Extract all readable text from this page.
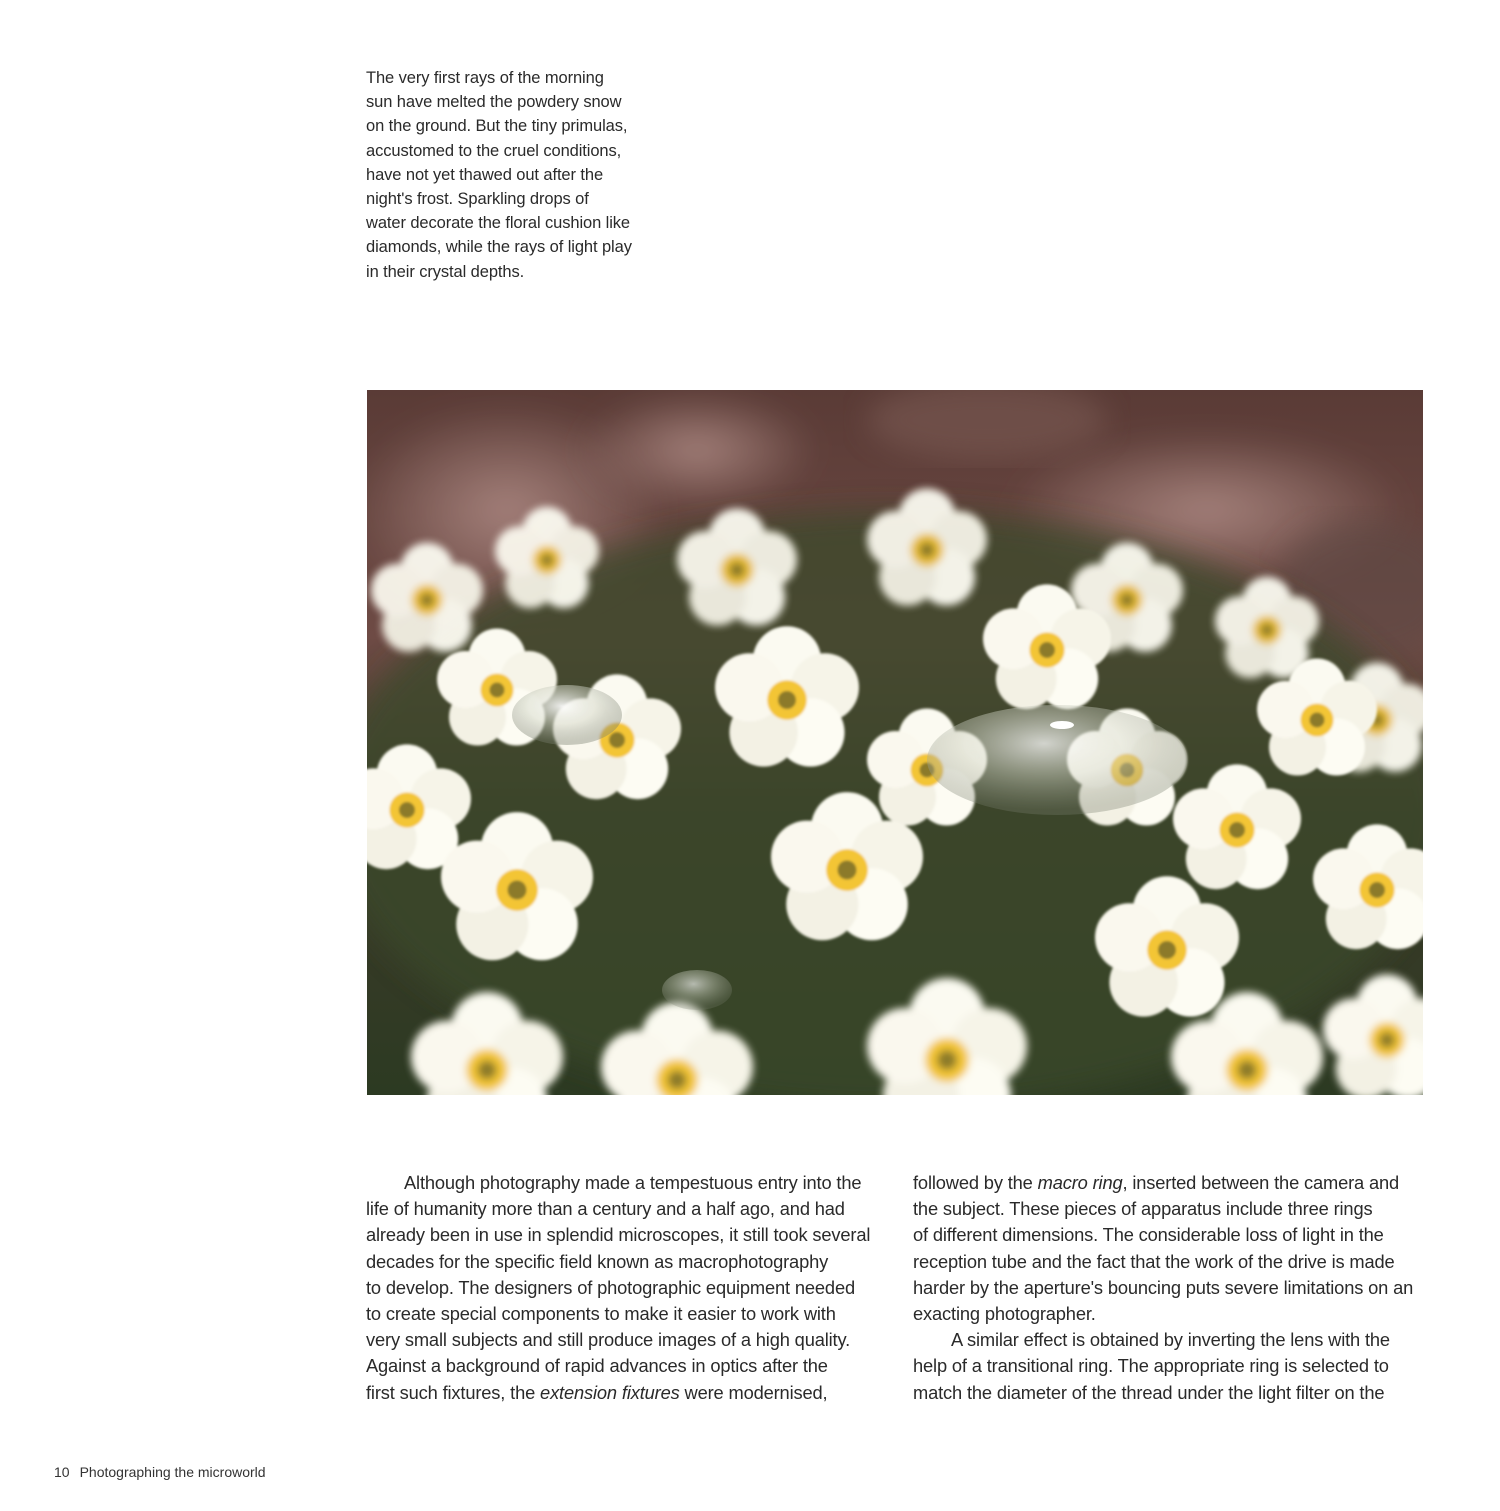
The very first rays of the morning
sun have melted the powdery snow
on the ground. But the tiny primulas,
accustomed to the cruel conditions,
have not yet thawed out after the
night's frost. Sparkling drops of
water decorate the floral cushion like
diamonds, while the rays of light play
in their crystal depths.

Although photography made a tempestuous entry into the

life of humanity more than a century and a half ago, and had
already been in use in splendid microscopes, it still took several
decades for the specific field known as macrophotography
to develop. The designers of photographic equipment needed
to create special components to make it easier to work with
very small subjects and still produce images of a high quality.
Against a background of rapid advances in optics after the
first such fixtures, the extension fixtures were modernised,
followed by the macro ring, inserted between the camera and
the subject. These pieces of apparatus include three rings
of different dimensions. The considerable loss of light in the
reception tube and the fact that the work of the drive is made
harder by the aperture's bouncing puts severe limitations on an
exacting photographer.

A similar effect is obtained by inverting the lens with the

help of a transitional ring. The appropriate ring is selected to
match the diameter of the thread under the light filter on the
10 Photographing the microworld
